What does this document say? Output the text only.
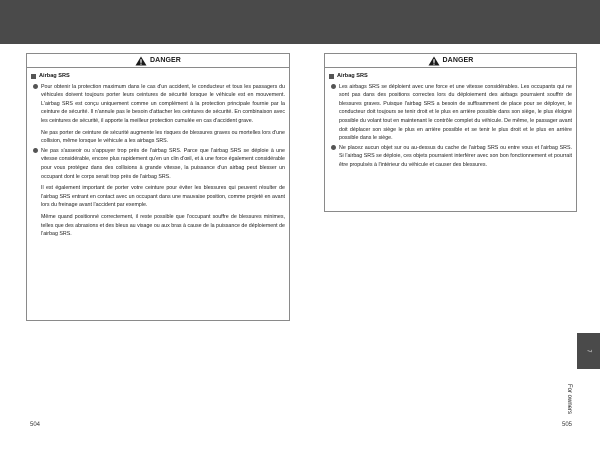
DANGER
Airbag SRS
Pour obtenir la protection maximum dans le cas d'un accident, le conducteur et tous les passagers du véhicules doivent toujours porter leurs ceintures de sécurité lorsque le véhicule est en mouvement. L'airbag SRS est conçu uniquement comme un complément à la protection principale fournie par la ceinture de sécurité. Il n'annule pas le besoin d'attacher les ceintures de sécurité. En combinaison avec les ceintures de sécurité, il apporte la meilleur protection cumulée en cas d'accident grave.
Ne pas porter de ceinture de sécurité augmente les risques de blessures graves ou mortelles lors d'une collision, même lorsque le véhicule a les airbags SRS.
Ne pas s'asseoir ou s'appuyer trop près de l'airbag SRS. Parce que l'airbag SRS se déploie à une vitesse considérable, encore plus rapidement qu'en un clin d'œil, et à une force également considérable pour vous protégez dans des collisions à grande vitesse, la puissance d'un airbag peut blesser un occupant dont le corps serait trop près de l'airbag SRS.
Il est également important de porter votre ceinture pour éviter les blessures qui peuvent résulter de l'airbag SRS entrant en contact avec un occupant dans une mauvaise position, comme projeté en avant lors du freinage avant l'accident par exemple.
Même quand positionné correctement, il reste possible que l'occupant souffre de blessures minimes, telles que des abrasions et des bleus au visage ou aux bras à cause de la puissance de déploiement de l'airbag SRS.
DANGER
Airbag SRS
Les airbags SRS se déploient avec une force et une vitesse considérables. Les occupants qui ne sont pas dans des positions correctes lors du déploiement des airbags pourraient souffrir de blessures graves. Puisque l'airbag SRS a besoin de suffisamment de place pour se déployer, le conducteur doit toujours se tenir droit et le plus en arrière possible dans son siège, le plus éloigné possible du volant tout en maintenant le contrôle complet du véhicule. De même, le passager avant doit déplacer son siège le plus en arrière possible et se tenir le plus droit et le plus en arrière possible dans le siège.
Ne placez aucun objet sur ou au-dessus du cache de l'airbag SRS ou entre vous et l'airbag SRS. Si l'airbag SRS se déploie, ces objets pourraient interférer avec son bon fonctionnement et pourrait être propulsés à l'intérieur du véhicule et causer des blessures.
504	505
7
For owners
